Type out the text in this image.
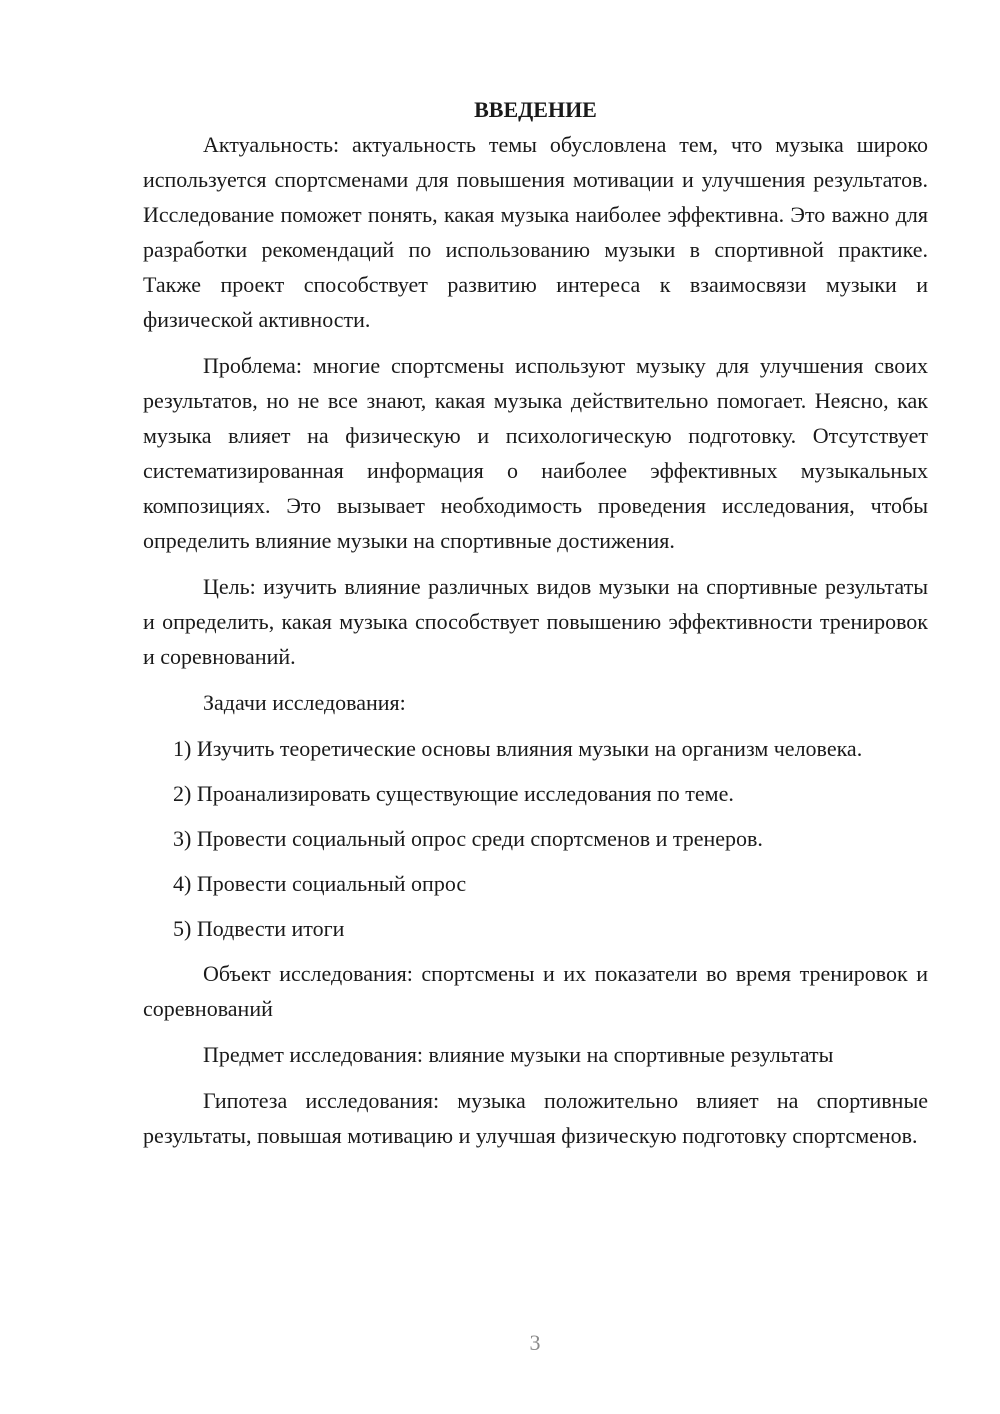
ВВЕДЕНИЕ

Актуальность: актуальность темы обусловлена тем, что музыка широко используется спортсменами для повышения мотивации и улучшения результатов. Исследование поможет понять, какая музыка наиболее эффективна. Это важно для разработки рекомендаций по использованию музыки в спортивной практике. Также проект способствует развитию интереса к взаимосвязи музыки и физической активности.

Проблема: многие спортсмены используют музыку для улучшения своих результатов, но не все знают, какая музыка действительно помогает. Неясно, как музыка влияет на физическую и психологическую подготовку. Отсутствует систематизированная информация о наиболее эффективных музыкальных композициях. Это вызывает необходимость проведения исследования, чтобы определить влияние музыки на спортивные достижения.

Цель: изучить влияние различных видов музыки на спортивные результаты и определить, какая музыка способствует повышению эффективности тренировок и соревнований.

Задачи исследования:

1) Изучить теоретические основы влияния музыки на организм человека.

2) Проанализировать существующие исследования по теме.

3) Провести социальный опрос среди спортсменов и тренеров.

4) Провести социальный опрос

5) Подвести итоги

Объект исследования: спортсмены и их показатели во время тренировок и соревнований

Предмет исследования: влияние музыки на спортивные результаты

Гипотеза исследования: музыка положительно влияет на спортивные результаты, повышая мотивацию и улучшая физическую подготовку спортсменов.

3
